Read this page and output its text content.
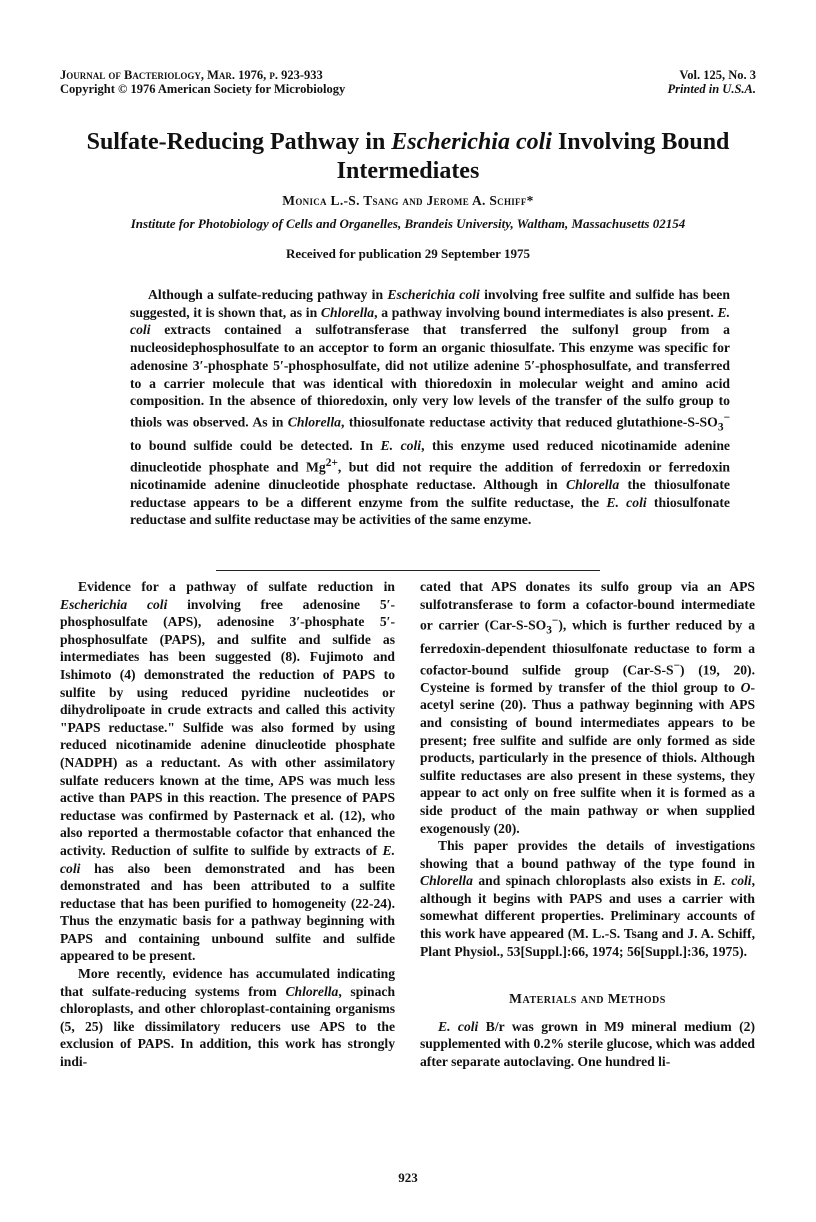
Journal of Bacteriology, Mar. 1976, p. 923-933
Copyright © 1976 American Society for Microbiology
Vol. 125, No. 3
Printed in U.S.A.
Sulfate-Reducing Pathway in Escherichia coli Involving Bound Intermediates
Monica L.-S. Tsang and Jerome A. Schiff*
Institute for Photobiology of Cells and Organelles, Brandeis University, Waltham, Massachusetts 02154
Received for publication 29 September 1975

Although a sulfate-reducing pathway in Escherichia coli involving free sulfite and sulfide has been suggested, it is shown that, as in Chlorella, a pathway involving bound intermediates is also present. E. coli extracts contained a sulfotransferase that transferred the sulfonyl group from a nucleosidephosphosulfate to an acceptor to form an organic thiosulfate. This enzyme was specific for adenosine 3′-phosphate 5′-phosphosulfate, did not utilize adenine 5′-phosphosulfate, and transferred to a carrier molecule that was identical with thioredoxin in molecular weight and amino acid composition. In the absence of thioredoxin, only very low levels of the transfer of the sulfo group to thiols was observed. As in Chlorella, thiosulfonate reductase activity that reduced glutathione-$S-SO_3^-$ to bound sulfide could be detected. In E. coli, this enzyme used reduced nicotinamide adenine dinucleotide phosphate and $Mg^{2+}$, but did not require the addition of ferredoxin or ferredoxin nicotinamide adenine dinucleotide phosphate reductase. Although in Chlorella the thiosulfonate reductase appears to be a different enzyme from the sulfite reductase, the E. coli thiosulfonate reductase and sulfite reductase may be activities of the same enzyme.

Evidence for a pathway of sulfate reduction in Escherichia coli involving free adenosine 5′-phosphosulfate (APS), adenosine 3′-phosphate 5′-phosphosulfate (PAPS), and sulfite and sulfide as intermediates has been suggested (8). Fujimoto and Ishimoto (4) demonstrated the reduction of PAPS to sulfite by using reduced pyridine nucleotides or dihydrolipoate in crude extracts and called this activity "PAPS reductase." Sulfide was also formed by using reduced nicotinamide adenine dinucleotide phosphate (NADPH) as a reductant. As with other assimilatory sulfate reducers known at the time, APS was much less active than PAPS in this reaction. The presence of PAPS reductase was confirmed by Pasternack et al. (12), who also reported a thermostable cofactor that enhanced the activity. Reduction of sulfite to sulfide by extracts of E. coli has also been demonstrated and has been demonstrated and has been attributed to a sulfite reductase that has been purified to homogeneity (22-24). Thus the enzymatic basis for a pathway beginning with PAPS and containing unbound sulfite and sulfide appeared to be present.

More recently, evidence has accumulated indicating that sulfate-reducing systems from Chlorella, spinach chloroplasts, and other chloroplast-containing organisms (5, 25) like dissimilatory reducers use APS to the exclusion of PAPS. In addition, this work has strongly indi-

cated that APS donates its sulfo group via an APS sulfotransferase to form a cofactor-bound intermediate or carrier $(Car-S-SO_3^-)$, which is further reduced by a ferredoxin-dependent thiosulfonate reductase to form a cofactor-bound sulfide group (Car-S-S−) (19, 20). Cysteine is formed by transfer of the thiol group to O-acetyl serine (20). Thus a pathway beginning with APS and consisting of bound intermediates appears to be present; free sulfite and sulfide are only formed as side products, particularly in the presence of thiols. Although sulfite reductases are also present in these systems, they appear to act only on free sulfite when it is formed as a side product of the main pathway or when supplied exogenously (20).

This paper provides the details of investigations showing that a bound pathway of the type found in Chlorella and spinach chloroplasts also exists in E. coli, although it begins with PAPS and uses a carrier with somewhat different properties. Preliminary accounts of this work have appeared (M. L.-S. Tsang and J. A. Schiff, Plant Physiol., 53[Suppl.]:66, 1974; 56[Suppl.]:36, 1975).

Materials and Methods

E. coli B/r was grown in M9 mineral medium (2) supplemented with 0.2% sterile glucose, which was added after separate autoclaving. One hundred li-

923
